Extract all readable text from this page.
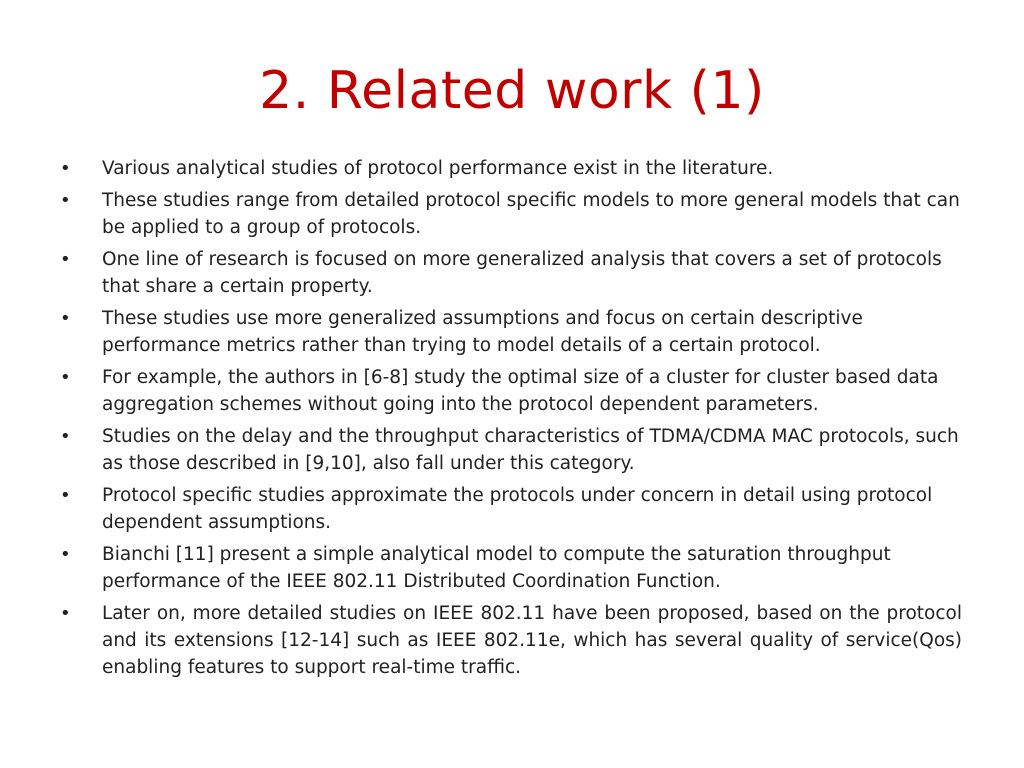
2. Related work (1)
• Various analytical studies of protocol performance exist in the literature.
• These studies range from detailed protocol specific models to more general models that can be applied to a group of protocols.
• One line of research is focused on more generalized analysis that covers a set of protocols that share a certain property.
• These studies use more generalized assumptions and focus on certain descriptive performance metrics rather than trying to model details of a certain protocol.
• For example, the authors in [6-8] study the optimal size of a cluster for cluster based data aggregation schemes without going into the protocol dependent parameters.
• Studies on the delay and the throughput characteristics of TDMA/CDMA MAC protocols, such as those described in [9,10], also fall under this category.
• Protocol specific studies approximate the protocols under concern in detail using protocol dependent assumptions.
• Bianchi [11] present a simple analytical model to compute the saturation throughput performance of the IEEE 802.11 Distributed Coordination Function.
• Later on, more detailed studies on IEEE 802.11 have been proposed, based on the protocol and its extensions [12-14] such as IEEE 802.11e, which has several quality of service(Qos) enabling features to support real-time traffic.
